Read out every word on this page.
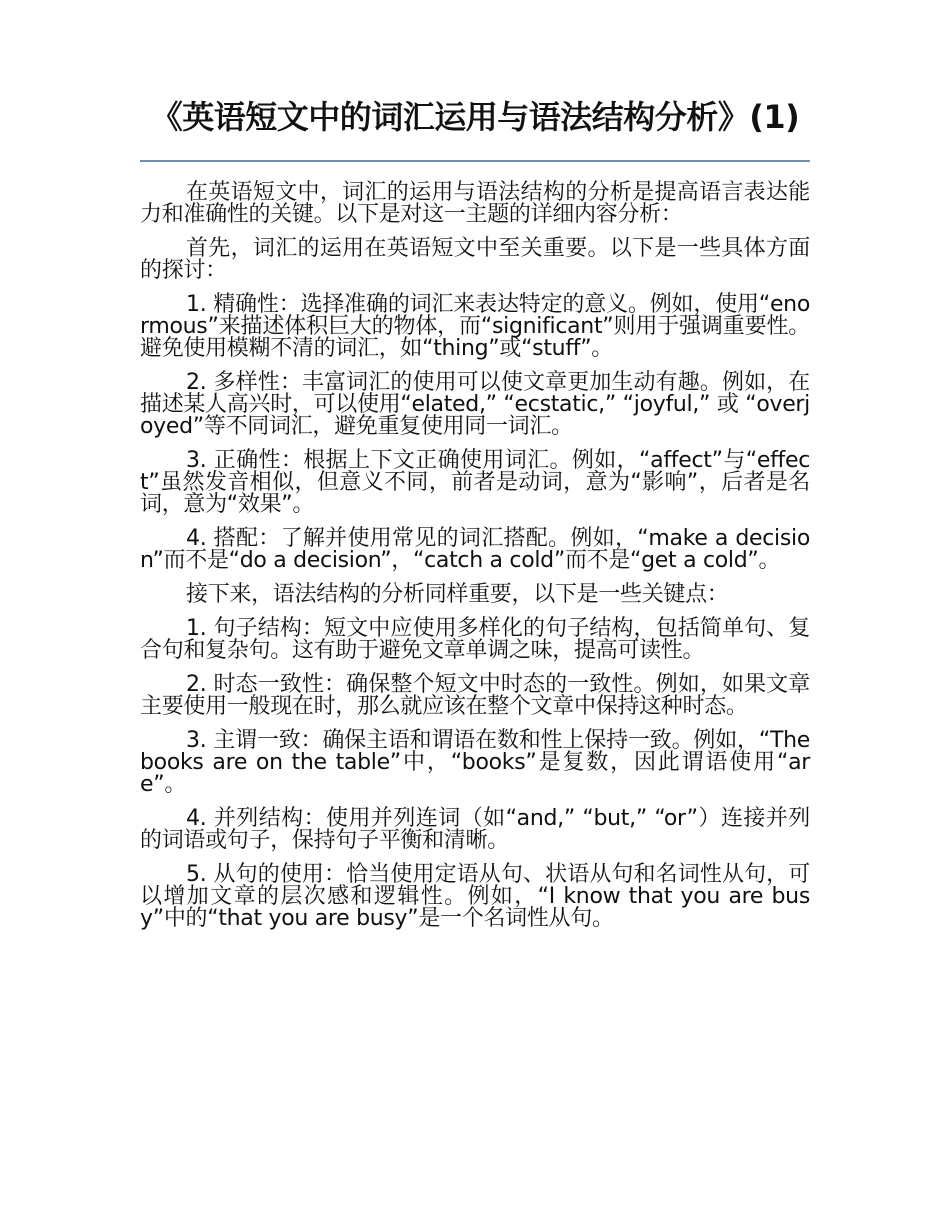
《英语短文中的词汇运用与语法结构分析》(1)

在英语短文中，词汇的运用与语法结构的分析是提高语言表达能力和准确性的关键。以下是对这一主题的详细内容分析：

首先，词汇的运用在英语短文中至关重要。以下是一些具体方面的探讨：

1. 精确性：选择准确的词汇来表达特定的意义。例如，使用“enormous”来描述体积巨大的物体，而“significant”则用于强调重要性。避免使用模糊不清的词汇，如“thing”或“stuff”。

2. 多样性：丰富词汇的使用可以使文章更加生动有趣。例如，在描述某人高兴时，可以使用“elated,” “ecstatic,” “joyful,” 或 “overjoyed”等不同词汇，避免重复使用同一词汇。

3. 正确性：根据上下文正确使用词汇。例如，“affect”与“effect”虽然发音相似，但意义不同，前者是动词，意为“影响”，后者是名词，意为“效果”。

4. 搭配：了解并使用常见的词汇搭配。例如，“make a decision”而不是“do a decision”，“catch a cold”而不是“get a cold”。

接下来，语法结构的分析同样重要，以下是一些关键点：

1. 句子结构：短文中应使用多样化的句子结构，包括简单句、复合句和复杂句。这有助于避免文章单调之味，提高可读性。

2. 时态一致性：确保整个短文中时态的一致性。例如，如果文章主要使用一般现在时，那么就应该在整个文章中保持这种时态。

3. 主谓一致：确保主语和谓语在数和性上保持一致。例如，“The books are on the table”中，“books”是复数，因此谓语使用“are”。

4. 并列结构：使用并列连词（如“and,” “but,” “or”）连接并列的词语或句子，保持句子平衡和清晰。

5. 从句的使用：恰当使用定语从句、状语从句和名词性从句，可以增加文章的层次感和逻辑性。例如，“I know that you are busy”中的“that you are busy”是一个名词性从句。
